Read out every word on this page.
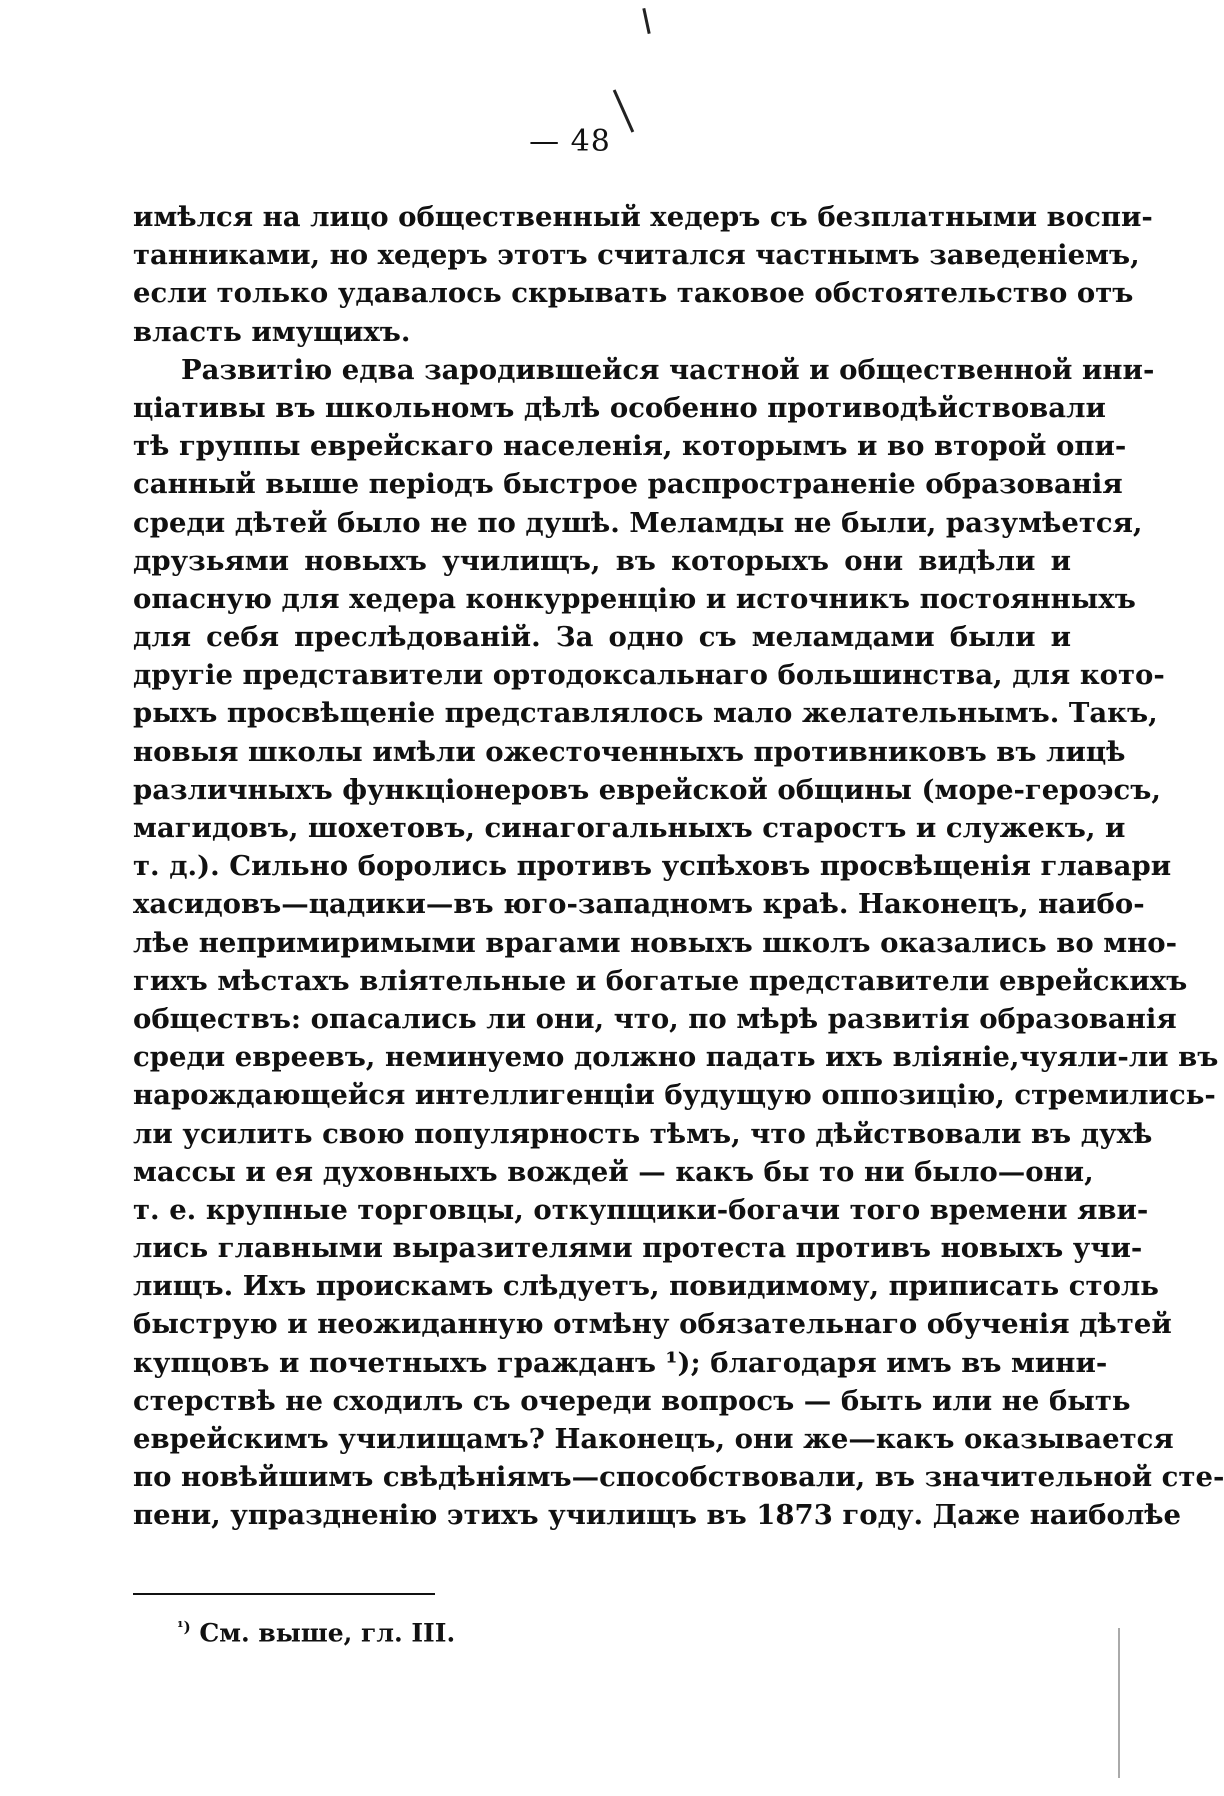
— 48
имѣлся на лицо общественный хедеръ съ безплатными воспи-
танниками, но хедеръ этотъ считался частнымъ заведеніемъ,
если только удавалось скрывать таковое обстоятельство отъ
власть имущихъ.
Развитію едва зародившейся частной и общественной ини-
ціативы въ школьномъ дѣлѣ особенно противодѣйствовали
тѣ группы еврейскаго населенія, которымъ и во второй опи-
санный выше періодъ быстрое распространеніе образованія
среди дѣтей было не по душѣ. Меламды не были, разумѣется,
друзьями новыхъ училищъ, въ которыхъ они видѣли и
опасную для хедера конкурренцію и источникъ постоянныхъ
для себя преслѣдованій. За одно съ меламдами были и
другіе представители ортодоксальнаго большинства, для кото-
рыхъ просвѣщеніе представлялось мало желательнымъ. Такъ,
новыя школы имѣли ожесточенныхъ противниковъ въ лицѣ
различныхъ функціонеровъ еврейской общины (море-героэсъ,
магидовъ, шохетовъ, синагогальныхъ старостъ и служекъ, и
т. д.). Сильно боролись противъ успѣховъ просвѣщенія главари
хасидовъ—цадики—въ юго-западномъ краѣ. Наконецъ, наибо-
лѣе непримиримыми врагами новыхъ школъ оказались во мно-
гихъ мѣстахъ вліятельные и богатые представители еврейскихъ
обществъ: опасались ли они, что, по мѣрѣ развитія образованія
среди евреевъ, неминуемо должно падать ихъ вліяніе,чуяли-ли въ
нарождающейся интеллигенціи будущую оппозицію, стремились-
ли усилить свою популярность тѣмъ, что дѣйствовали въ духѣ
массы и ея духовныхъ вождей — какъ бы то ни было—они,
т. е. крупные торговцы, откупщики-богачи того времени яви-
лись главными выразителями протеста противъ новыхъ учи-
лищъ. Ихъ проискамъ слѣдуетъ, повидимому, приписать столь
быструю и неожиданную отмѣну обязательнаго обученія дѣтей
купцовъ и почетныхъ гражданъ ¹); благодаря имъ въ мини-
стерствѣ не сходилъ съ очереди вопросъ — быть или не быть
еврейскимъ училищамъ? Наконецъ, они же—какъ оказывается
по новѣйшимъ свѣдѣніямъ—способствовали, въ значительной сте-
пени, упраздненію этихъ училищъ въ 1873 году. Даже наиболѣе
$^{^1)}$ См. выше, гл. III.
